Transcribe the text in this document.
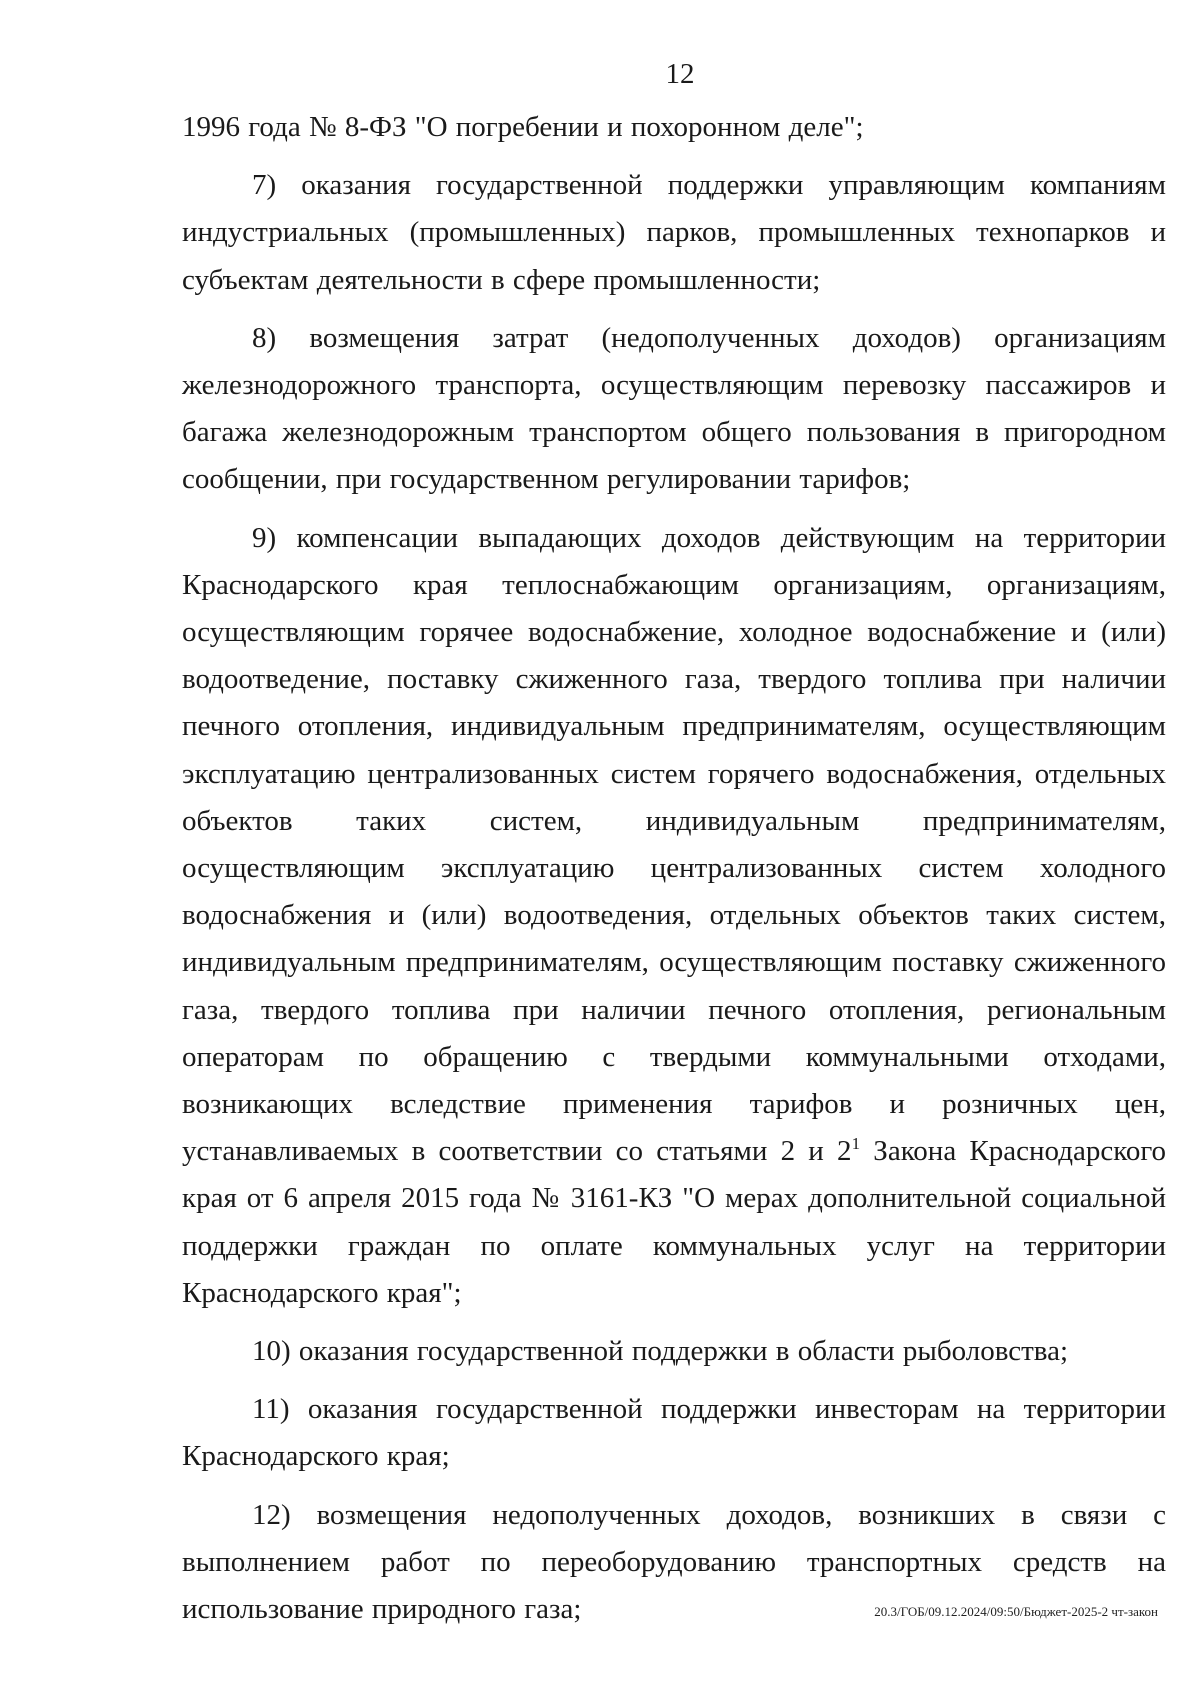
12

1996 года № 8-ФЗ "О погребении и похоронном деле";

7) оказания государственной поддержки управляющим компаниям индустриальных (промышленных) парков, промышленных технопарков и субъектам деятельности в сфере промышленности;

8) возмещения затрат (недополученных доходов) организациям железнодорожного транспорта, осуществляющим перевозку пассажиров и багажа железнодорожным транспортом общего пользования в пригородном сообщении, при государственном регулировании тарифов;

9) компенсации выпадающих доходов действующим на территории Краснодарского края теплоснабжающим организациям, организациям, осуществляющим горячее водоснабжение, холодное водоснабжение и (или) водоотведение, поставку сжиженного газа, твердого топлива при наличии печного отопления, индивидуальным предпринимателям, осуществляющим эксплуатацию централизованных систем горячего водоснабжения, отдельных объектов таких систем, индивидуальным предпринимателям, осуществляющим эксплуатацию централизованных систем холодного водоснабжения и (или) водоотведения, отдельных объектов таких систем, индивидуальным предпринимателям, осуществляющим поставку сжиженного газа, твердого топлива при наличии печного отопления, региональным операторам по обращению с твердыми коммунальными отходами, возникающих вследствие применения тарифов и розничных цен, устанавливаемых в соответствии со статьями 2 и $2^1$ Закона Краснодарского края от 6 апреля 2015 года № 3161-КЗ "О мерах дополнительной социальной поддержки граждан по оплате коммунальных услуг на территории Краснодарского края";

10) оказания государственной поддержки в области рыболовства;

11) оказания государственной поддержки инвесторам на территории Краснодарского края;

12) возмещения недополученных доходов, возникших в связи с выполнением работ по переоборудованию транспортных средств на использование природного газа;	20.3/ГОБ/09.12.2024/09:50/Бюджет-2025-2 чт-закон
